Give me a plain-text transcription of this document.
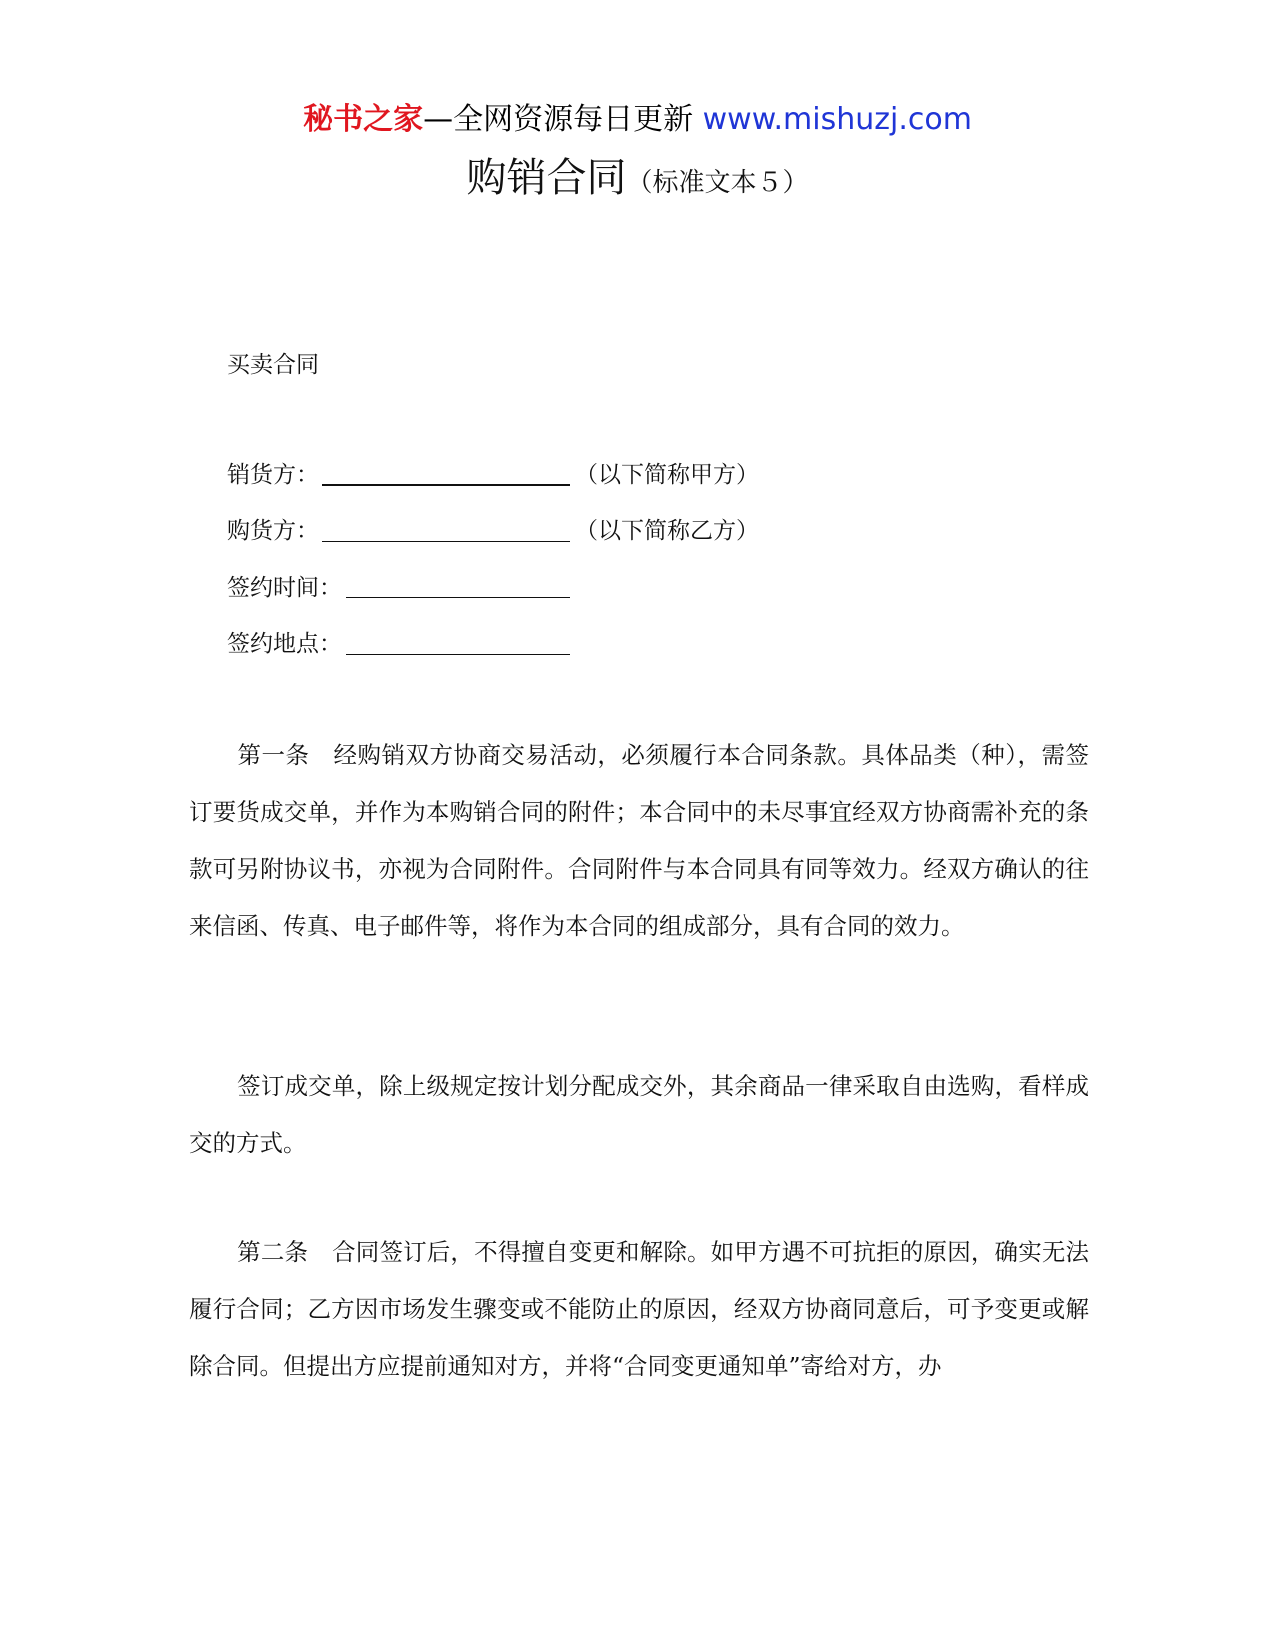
秘书之家—全网资源每日更新 www.mishuzj.com
购销合同（标准文本５）
买卖合同
销货方：	（以下简称甲方）
购货方：	（以下简称乙方）
签约时间：
签约地点：
第一条 经购销双方协商交易活动，必须履行本合同条款。具体品类（种），需签订要货成交单，并作为本购销合同的附件；本合同中的未尽事宜经双方协商需补充的条款可另附协议书，亦视为合同附件。合同附件与本合同具有同等效力。经双方确认的往来信函、传真、电子邮件等，将作为本合同的组成部分，具有合同的效力。
签订成交单，除上级规定按计划分配成交外，其余商品一律采取自由选购，看样成交的方式。
第二条 合同签订后，不得擅自变更和解除。如甲方遇不可抗拒的原因，确实无法履行合同；乙方因市场发生骤变或不能防止的原因，经双方协商同意后，可予变更或解除合同。但提出方应提前通知对方，并将“合同变更通知单”寄给对方，办
